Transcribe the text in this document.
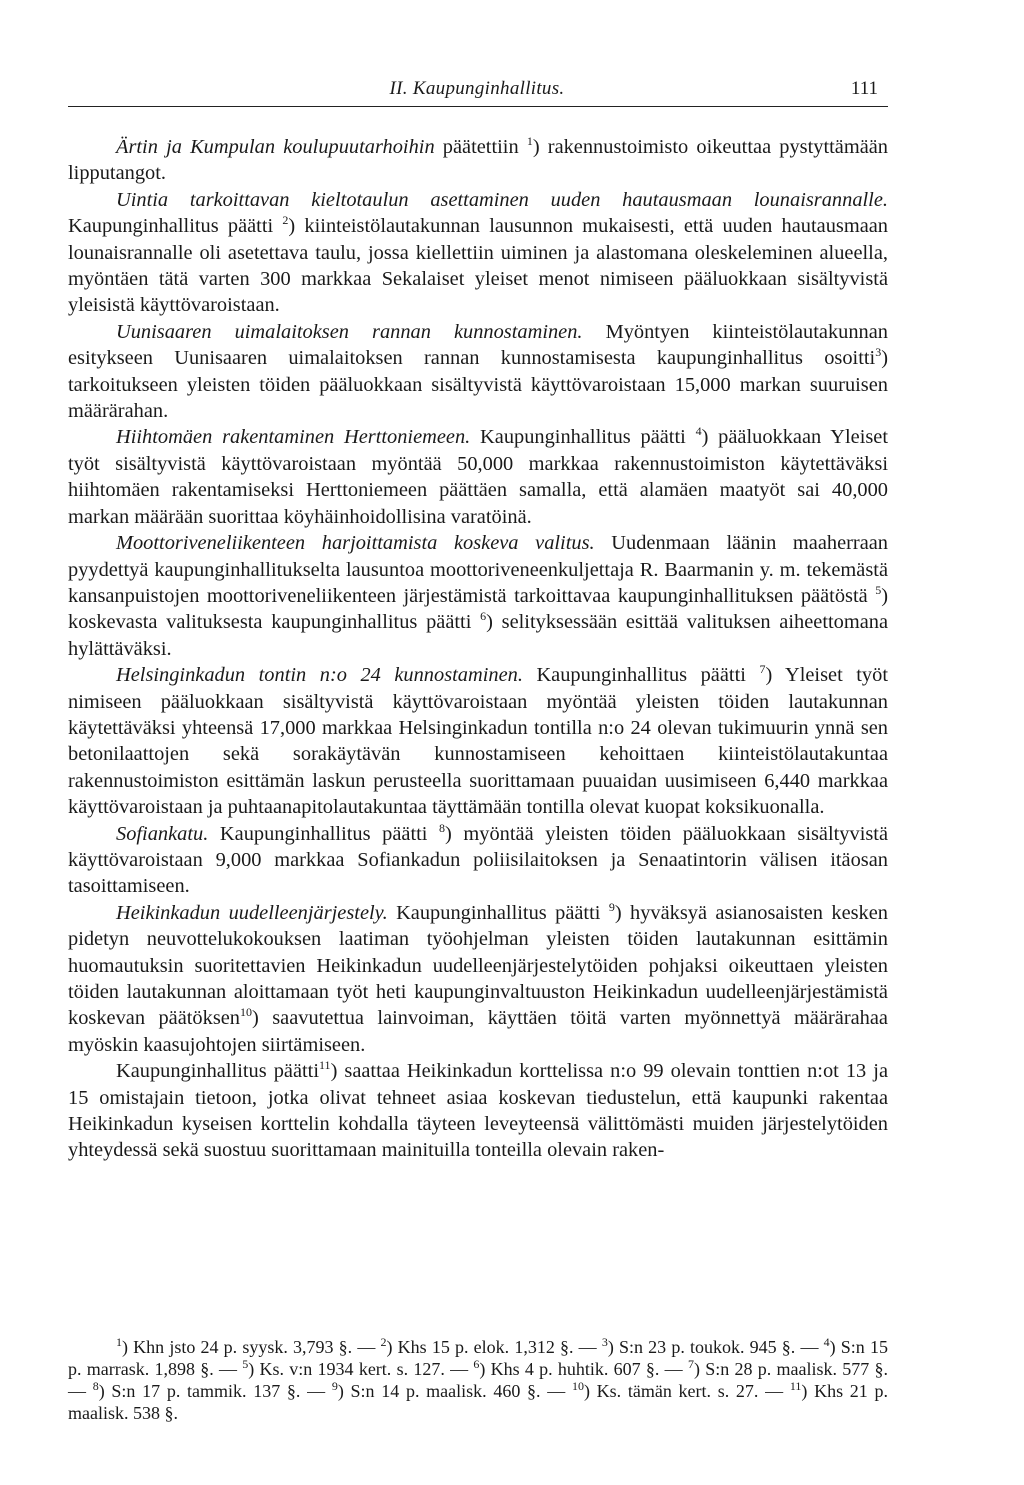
II. Kaupunginhallitus.	111

Ärtin ja Kumpulan koulupuutarhoihin päätettiin $^1$) rakennustoimisto oikeuttaa pystyttämään lipputangot.

Uintia tarkoittavan kieltotaulun asettaminen uuden hautausmaan lounaisrannalle. Kaupunginhallitus päätti $^2$) kiinteistölautakunnan lausunnon mukaisesti, että uuden hautausmaan lounaisrannalle oli asetettava taulu, jossa kiellettiin uiminen ja alastomana oleskeleminen alueella, myöntäen tätä varten 300 markkaa Sekalaiset yleiset menot nimiseen pääluokkaan sisältyvistä yleisistä käyttövaroistaan.

Uunisaaren uimalaitoksen rannan kunnostaminen. Myöntyen kiinteistölautakunnan esitykseen Uunisaaren uimalaitoksen rannan kunnostamisesta kaupunginhallitus osoitti$^3$) tarkoitukseen yleisten töiden pääluokkaan sisältyvistä käyttövaroistaan 15,000 markan suuruisen määrärahan.

Hiihtomäen rakentaminen Herttoniemeen. Kaupunginhallitus päätti $^4$) pääluokkaan Yleiset työt sisältyvistä käyttövaroistaan myöntää 50,000 markkaa rakennustoimiston käytettäväksi hiihtomäen rakentamiseksi Herttoniemeen päättäen samalla, että alamäen maatyöt sai 40,000 markan määrään suorittaa köyhäinhoidollisina varatöinä.

Moottoriveneliikenteen harjoittamista koskeva valitus. Uudenmaan läänin maaherraan pyydettyä kaupunginhallitukselta lausuntoa moottoriveneenkuljettaja R. Baarmanin y. m. tekemästä kansanpuistojen moottoriveneliikenteen järjestämistä tarkoittavaa kaupunginhallituksen päätöstä $^5$) koskevasta valituksesta kaupunginhallitus päätti $^6$) selityksessään esittää valituksen aiheettomana hylättäväksi.

Helsinginkadun tontin n:o 24 kunnostaminen. Kaupunginhallitus päätti $^7$) Yleiset työt nimiseen pääluokkaan sisältyvistä käyttövaroistaan myöntää yleisten töiden lautakunnan käytettäväksi yhteensä 17,000 markkaa Helsinginkadun tontilla n:o 24 olevan tukimuurin ynnä sen betonilaattojen sekä sorakäytävän kunnostamiseen kehoittaen kiinteistölautakuntaa rakennustoimiston esittämän laskun perusteella suorittamaan puuaidan uusimiseen 6,440 markkaa käyttövaroistaan ja puhtaanapitolautakuntaa täyttämään tontilla olevat kuopat koksikuonalla.

Sofiankatu. Kaupunginhallitus päätti $^8$) myöntää yleisten töiden pääluokkaan sisältyvistä käyttövaroistaan 9,000 markkaa Sofiankadun poliisilaitoksen ja Senaatintorin välisen itäosan tasoittamiseen.

Heikinkadun uudelleenjärjestely. Kaupunginhallitus päätti $^9$) hyväksyä asianosaisten kesken pidetyn neuvottelukokouksen laatiman työohjelman yleisten töiden lautakunnan esittämin huomautuksin suoritettavien Heikinkadun uudelleenjärjestelytöiden pohjaksi oikeuttaen yleisten töiden lautakunnan aloittamaan työt heti kaupunginvaltuuston Heikinkadun uudelleenjärjestämistä koskevan päätöksen$^{10}$) saavutettua lainvoiman, käyttäen töitä varten myönnettyä määrärahaa myöskin kaasujohtojen siirtämiseen.

Kaupunginhallitus päätti$^{11}$) saattaa Heikinkadun korttelissa n:o 99 olevain tonttien n:ot 13 ja 15 omistajain tietoon, jotka olivat tehneet asiaa koskevan tiedustelun, että kaupunki rakentaa Heikinkadun kyseisen korttelin kohdalla täyteen leveyteensä välittömästi muiden järjestelytöiden yhteydessä sekä suostuu suorittamaan mainituilla tonteilla olevain raken-

$^1$) Khn jsto 24 p. syysk. 3,793 §. — $^2$) Khs 15 p. elok. 1,312 §. — $^3$) S:n 23 p. toukok. 945 §. — $^4$) S:n 15 p. marrask. 1,898 §. — $^5$) Ks. v:n 1934 kert. s. 127. — $^6$) Khs 4 p. huhtik. 607 §. — $^7$) S:n 28 p. maalisk. 577 §. — $^8$) S:n 17 p. tammik. 137 §. — $^9$) S:n 14 p. maalisk. 460 §. — $^{10}$) Ks. tämän kert. s. 27. — $^{11}$) Khs 21 p. maalisk. 538 §.
